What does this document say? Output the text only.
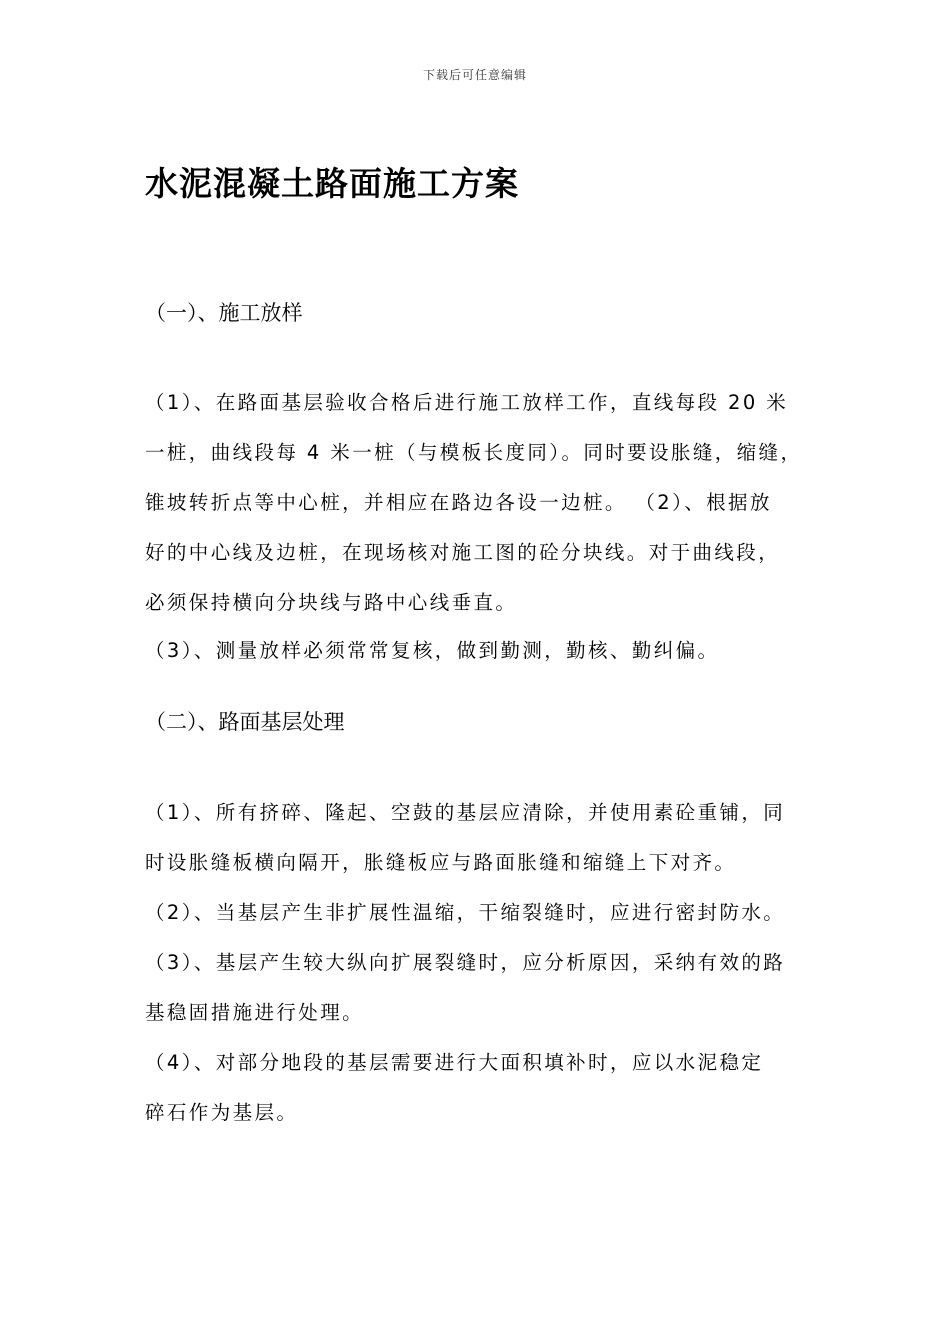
下载后可任意编辑
水泥混凝土路面施工方案
（一）、施工放样
（1）、在路面基层验收合格后进行施工放样工作，直线每段 20 米
一桩，曲线段每 4 米一桩（与模板长度同）。同时要设胀缝，缩缝，
锥坡转折点等中心桩，并相应在路边各设一边桩。 （2）、根据放
好的中心线及边桩，在现场核对施工图的砼分块线。对于曲线段，
必须保持横向分块线与路中心线垂直。
（3）、测量放样必须常常复核，做到勤测，勤核、勤纠偏。
（二）、路面基层处理
（1）、所有挤碎、隆起、空鼓的基层应清除，并使用素砼重铺，同
时设胀缝板横向隔开，胀缝板应与路面胀缝和缩缝上下对齐。
（2）、当基层产生非扩展性温缩，干缩裂缝时，应进行密封防水。
（3）、基层产生较大纵向扩展裂缝时，应分析原因，采纳有效的路
基稳固措施进行处理。
（4）、对部分地段的基层需要进行大面积填补时，应以水泥稳定
碎石作为基层。
